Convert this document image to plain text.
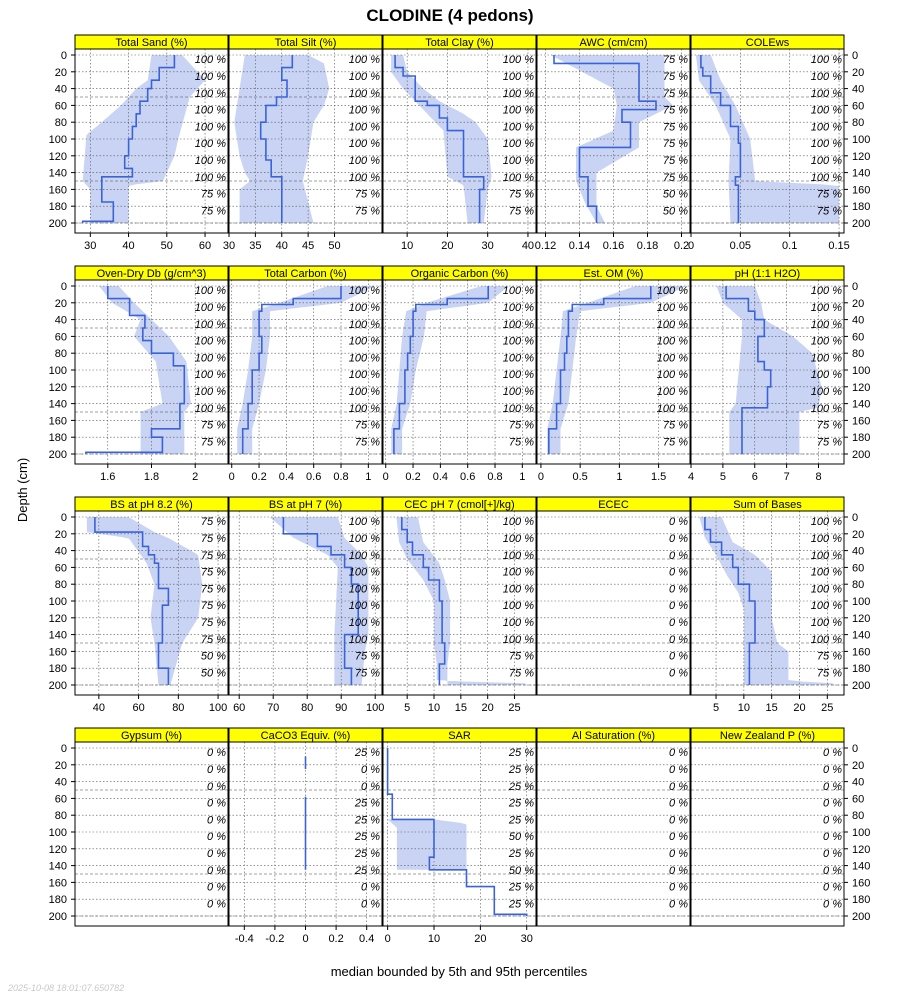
CLODINE (4 pedons)
Depth (cm)
median bounded by 5th and 95th percentiles
2025-10-08 18:01:07.650782
100 %
100 %
100 %
100 %
100 %
100 %
100 %
100 %
75 %
75 %
Total Sand (%)
30 40 50 60
0
20
40
60
80
100
120
140
160
180
200
100 %
100 %
100 %
100 %
100 %
100 %
100 %
100 %
75 %
75 %
Total Silt (%)
30 35 40 45 50
100 %
100 %
100 %
100 %
100 %
100 %
100 %
100 %
75 %
75 %
Total Clay (%)
10	20	30	40
75 %
75 %
75 %
75 %
75 %
75 %
75 %
75 %
50 %
50 %
AWC (cm/cm)
0.12 0.14 0.16 0.18 0.2
100 %
100 %
100 %
100 %
100 %
100 %
100 %
100 %
75 %
75 %
COLEws
0	0.05	0.1	0.15
0
20
40
60
80
100
120
140
160
180
200
100 %
100 %
100 %
100 %
100 %
100 %
100 %
100 %
75 %
75 %
Oven-Dry Db (g/cm^3)
1.6	1.8	2
0
20
40
60
80
100
120
140
160
180
200
100 %
100 %
100 %
100 %
100 %
100 %
100 %
100 %
75 %
75 %
Total Carbon (%)
0 0.2 0.4 0.6 0.8 1
100 %
100 %
100 %
100 %
100 %
100 %
100 %
100 %
75 %
75 %
Organic Carbon (%)
0 0.2 0.4 0.6 0.8 1
100 %
100 %
100 %
100 %
100 %
100 %
100 %
100 %
75 %
75 %
Est. OM (%)
0	0.5	1	1.5
100 %
100 %
100 %
100 %
100 %
100 %
100 %
100 %
75 %
75 %
pH (1:1 H2O)
4 5 6 7 8
0
20
40
60
80
100
120
140
160
180
200
75 %
75 %
75 %
75 %
75 %
75 %
75 %
75 %
50 %
50 %
BS at pH 8.2 (%)
40 60 80 100
0
20
40
60
80
100
120
140
160
180
200
100 %
100 %
100 %
100 %
100 %
100 %
100 %
100 %
75 %
75 %
BS at pH 7 (%)
60 70 80 90 100
100 %
100 %
100 %
100 %
100 %
100 %
100 %
100 %
75 %
75 %
CEC pH 7 (cmol[+]/kg)
5 10 15 20 25
0 %
0 %
0 %
0 %
0 %
0 %
0 %
0 %
0 %
0 %
ECEC
100 %
100 %
100 %
100 %
100 %
100 %
100 %
100 %
75 %
75 %
Sum of Bases
5 10 15 20 25
0
20
40
60
80
100
120
140
160
180
200
0 %
0 %
0 %
0 %
0 %
0 %
0 %
0 %
0 %
0 %
Gypsum (%)
0
20
40
60
80
100
120
140
160
180
200
25 %
0 %
0 %
25 %
25 %
25 %
25 %
25 %
0 %
0 %
CaCO3 Equiv. (%)
-0.4 -0.2 0 0.2 0.4
25 %
25 %
25 %
25 %
25 %
50 %
25 %
50 %
25 %
25 %
SAR
0	10	20	30
0 %
0 %
0 %
0 %
0 %
0 %
0 %
0 %
0 %
0 %
Al Saturation (%)
0 %
0 %
0 %
0 %
0 %
0 %
0 %
0 %
0 %
0 %
New Zealand P (%)
0
20
40
60
80
100
120
140
160
180
200
